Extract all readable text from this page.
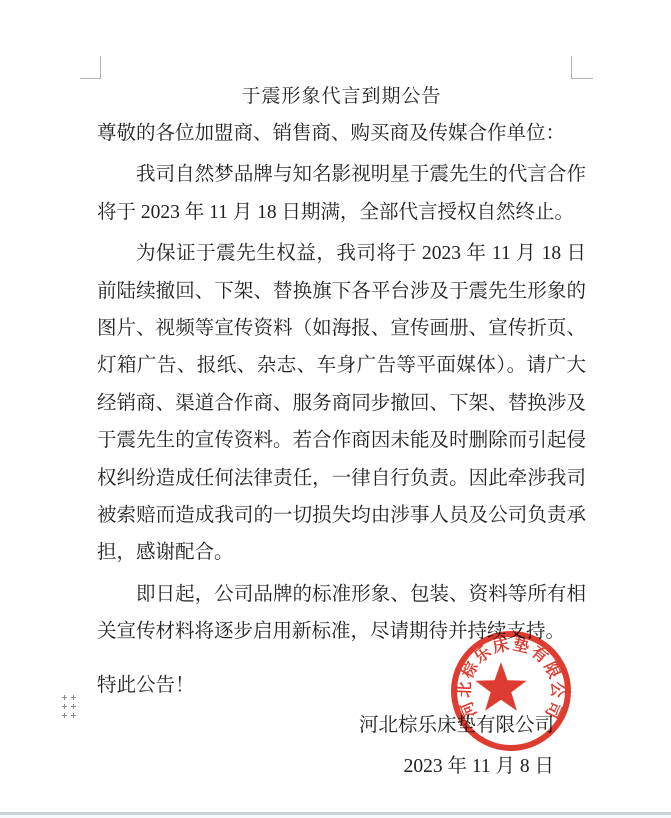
于震形象代言到期公告
尊敬的各位加盟商、销售商、购买商及传媒合作单位：

我司自然梦品牌与知名影视明星于震先生的代言合作将于 2023 年 11 月 18 日期满，全部代言授权自然终止。

为保证于震先生权益，我司将于 2023 年 11 月 18 日前陆续撤回、下架、替换旗下各平台涉及于震先生形象的图片、视频等宣传资料（如海报、宣传画册、宣传折页、灯箱广告、报纸、杂志、车身广告等平面媒体）。请广大经销商、渠道合作商、服务商同步撤回、下架、替换涉及于震先生的宣传资料。若合作商因未能及时删除而引起侵权纠纷造成任何法律责任，一律自行负责。因此牵涉我司被索赔而造成我司的一切损失均由涉事人员及公司负责承担，感谢配合。

即日起，公司品牌的标准形象、包装、资料等所有相关宣传材料将逐步启用新标准，尽请期待并持续支持。

特此公告！
河北棕乐床垫有限公司
2023 年 11 月 8 日
河北棕乐床垫有限公司
